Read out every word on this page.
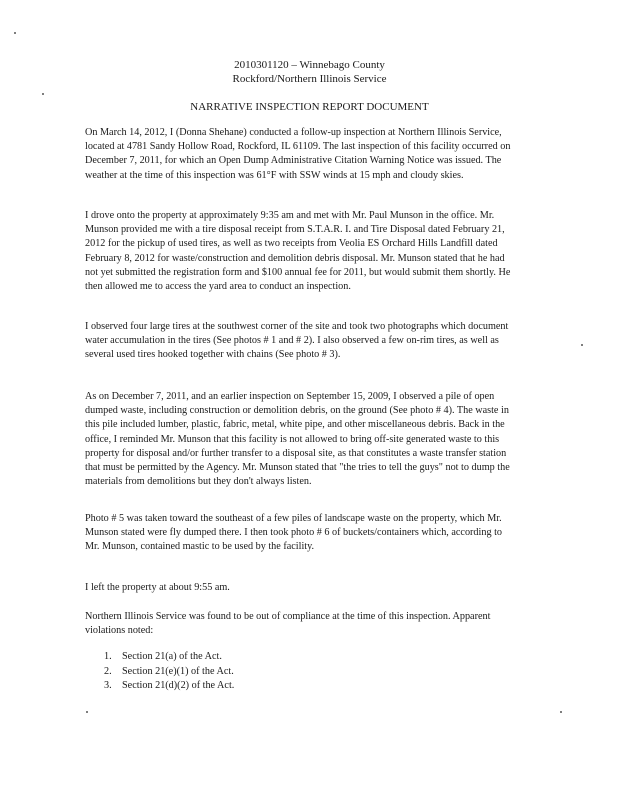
2010301120 – Winnebago County
Rockford/Northern Illinois Service
NARRATIVE INSPECTION REPORT DOCUMENT

On March 14, 2012, I (Donna Shehane) conducted a follow-up inspection at Northern Illinois Service, located at 4781 Sandy Hollow Road, Rockford, IL 61109. The last inspection of this facility occurred on December 7, 2011, for which an Open Dump Administrative Citation Warning Notice was issued. The weather at the time of this inspection was 61°F with SSW winds at 15 mph and cloudy skies.

I drove onto the property at approximately 9:35 am and met with Mr. Paul Munson in the office. Mr. Munson provided me with a tire disposal receipt from S.T.A.R. I. and Tire Disposal dated February 21, 2012 for the pickup of used tires, as well as two receipts from Veolia ES Orchard Hills Landfill dated February 8, 2012 for waste/construction and demolition debris disposal. Mr. Munson stated that he had not yet submitted the registration form and $100 annual fee for 2011, but would submit them shortly. He then allowed me to access the yard area to conduct an inspection.

I observed four large tires at the southwest corner of the site and took two photographs which document water accumulation in the tires (See photos # 1 and # 2). I also observed a few on-rim tires, as well as several used tires hooked together with chains (See photo # 3).

As on December 7, 2011, and an earlier inspection on September 15, 2009, I observed a pile of open dumped waste, including construction or demolition debris, on the ground (See photo # 4). The waste in this pile included lumber, plastic, fabric, metal, white pipe, and other miscellaneous debris. Back in the office, I reminded Mr. Munson that this facility is not allowed to bring off-site generated waste to this property for disposal and/or further transfer to a disposal site, as that constitutes a waste transfer station that must be permitted by the Agency. Mr. Munson stated that "the tries to tell the guys" not to dump the materials from demolitions but they don't always listen.

Photo # 5 was taken toward the southeast of a few piles of landscape waste on the property, which Mr. Munson stated were fly dumped there. I then took photo # 6 of buckets/containers which, according to Mr. Munson, contained mastic to be used by the facility.

I left the property at about 9:55 am.

Northern Illinois Service was found to be out of compliance at the time of this inspection. Apparent violations noted:

1.	Section 21(a) of the Act.
2.	Section 21(e)(1) of the Act.
3.	Section 21(d)(2) of the Act.
